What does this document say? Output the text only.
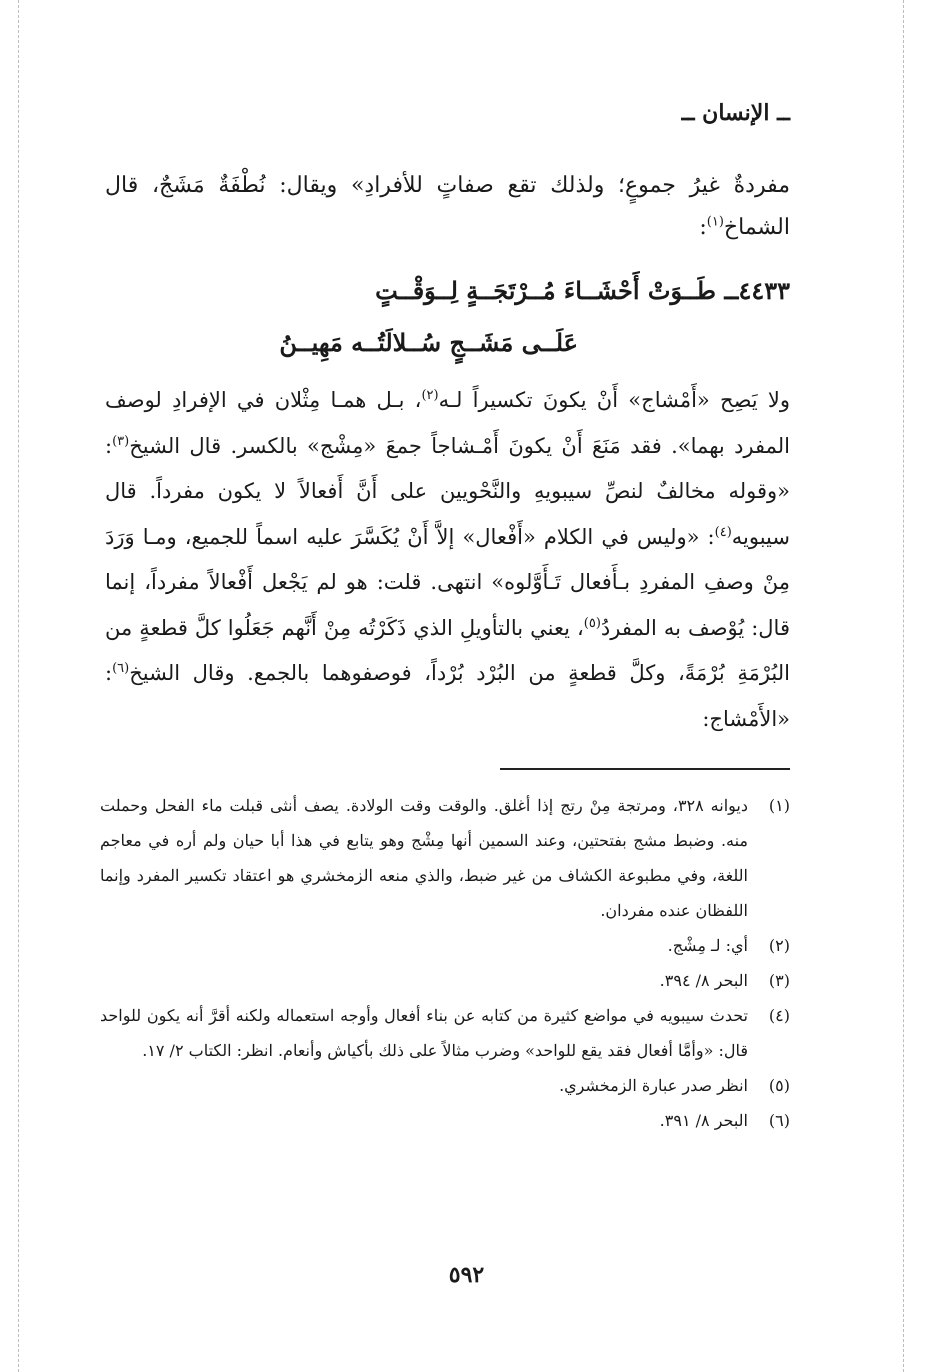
ــ الإنسان ــ

مفردةٌ غيرُ جموعٍ؛ ولذلك تقع صفاتٍ للأفرادِ» ويقال: نُطْفَةٌ مَشَجٌ، قال الشماخ$^{(١)}$:

٤٤٣٣ــ طَــوَتْ أَحْشَــاءَ مُــرْتَجَــةٍ لِــوَقْــتٍ
عَلَــى مَشَــجٍ سُــلالَتُــه مَهِيــنُ

ولا يَصِح «أَمْشاج» أَنْ يكونَ تكسيراً لـه$^{(٢)}$، بـل همـا مِثْلان في الإفرادِ لوصف المفرد بهما». فقد مَنَعَ أَنْ يكونَ أَمْـشاجاً جمعَ «مِشْج» بالكسر. قال الشيخ$^{(٣)}$: «وقوله مخالفٌ لنصِّ سيبويهِ والنَّحْويين على أَنَّ أَفعالاً لا يكون مفرداً. قال سيبويه$^{(٤)}$: «وليس في الكلام «أَفْعال» إلاَّ أَنْ يُكَسَّرَ عليه اسماً للجميع، ومـا وَرَدَ مِنْ وصفِ المفردِ بـأَفعال تَـأَوَّلوه» انتهى. قلت: هو لم يَجْعل أَفْعالاً مفرداً، إنما قال: يُوْصف به المفردُ$^{(٥)}$، يعني بالتأويلِ الذي ذَكَرْتُه مِنْ أَنَّهم جَعَلُوا كلَّ قطعةٍ من البُرْمَةِ بُرْمَةً، وكلَّ قطعةٍ من البُرْد بُرْداً، فوصفوهما بالجمع. وقال الشيخ$^{(٦)}$: «الأَمْشاج:

(١)
ديوانه ٣٢٨، ومرتجة مِنْ رتج إذا أغلق. والوقت وقت الولادة. يصف أنثى قبلت ماء الفحل وحملت منه. وضبط مشج بفتحتين، وعند السمين أنها مِشْج وهو يتابع في هذا أبا حيان ولم أره في معاجم اللغة، وفي مطبوعة الكشاف من غير ضبط، والذي منعه الزمخشري هو اعتقاد تكسير المفرد وإنما اللفظان عنده مفردان.
(٢)
أي: لـ مِشْج.
(٣)
البحر ٨/ ٣٩٤.
(٤)
تحدث سيبويه في مواضع كثيرة من كتابه عن بناء أفعال وأوجه استعماله ولكنه أقرَّ أنه يكون للواحد قال: «وأمَّا أفعال فقد يقع للواحد» وضرب مثالاً على ذلك بأكياش وأنعام. انظر: الكتاب ٢/ ١٧.
(٥)
انظر صدر عبارة الزمخشري.
(٦)
البحر ٨/ ٣٩١.
٥٩٢
